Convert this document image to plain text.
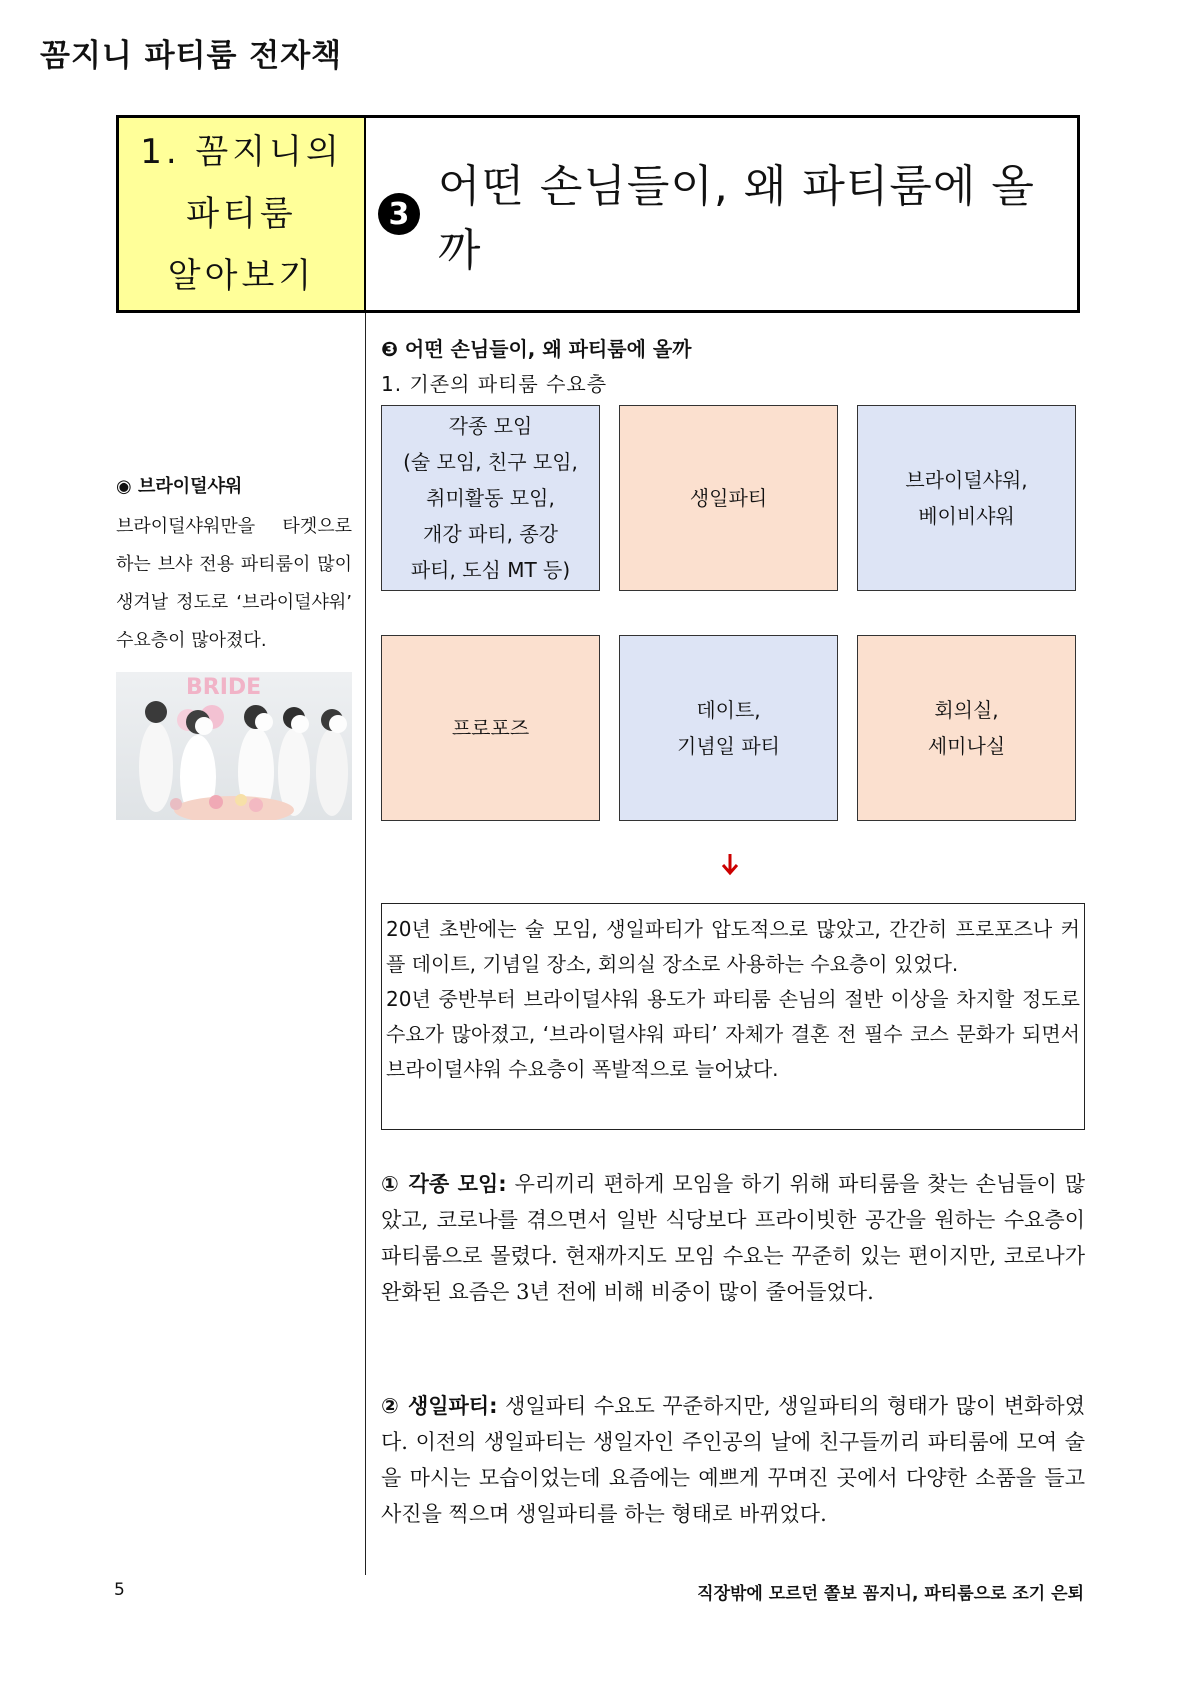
꼼지니 파티룸 전자책
1. 꼼지니의
파티룸
알아보기
3
어떤 손님들이, 왜 파티룸에 올까
◉ 브라이덜샤워
브라이덜샤워만을 타겟으로 하는 브샤 전용 파티룸이 많이 생겨날 정도로 ‘브라이덜샤워’ 수요층이 많아졌다.
BRIDE
❸ 어떤 손님들이, 왜 파티룸에 올까
1. 기존의 파티룸 수요층
각종 모임
(술 모임, 친구 모임,
취미활동 모임,
개강 파티, 종강
파티, 도심 MT 등)
생일파티
브라이덜샤워,
베이비샤워
프로포즈
데이트,
기념일 파티
회의실,
세미나실

20년 초반에는 술 모임, 생일파티가 압도적으로 많았고, 간간히 프로포즈나 커플 데이트, 기념일 장소, 회의실 장소로 사용하는 수요층이 있었다.

20년 중반부터 브라이덜샤워 용도가 파티룸 손님의 절반 이상을 차지할 정도로 수요가 많아졌고, ‘브라이덜샤워 파티’ 자체가 결혼 전 필수 코스 문화가 되면서 브라이덜샤워 수요층이 폭발적으로 늘어났다.

① 각종 모임: 우리끼리 편하게 모임을 하기 위해 파티룸을 찾는 손님들이 많았고, 코로나를 겪으면서 일반 식당보다 프라이빗한 공간을 원하는 수요층이 파티룸으로 몰렸다. 현재까지도 모임 수요는 꾸준히 있는 편이지만, 코로나가 완화된 요즘은 3년 전에 비해 비중이 많이 줄어들었다.
② 생일파티: 생일파티 수요도 꾸준하지만, 생일파티의 형태가 많이 변화하였다. 이전의 생일파티는 생일자인 주인공의 날에 친구들끼리 파티룸에 모여 술을 마시는 모습이었는데 요즘에는 예쁘게 꾸며진 곳에서 다양한 소품을 들고 사진을 찍으며 생일파티를 하는 형태로 바뀌었다.
5	직장밖에 모르던 쫄보 꼼지니, 파티룸으로 조기 은퇴
